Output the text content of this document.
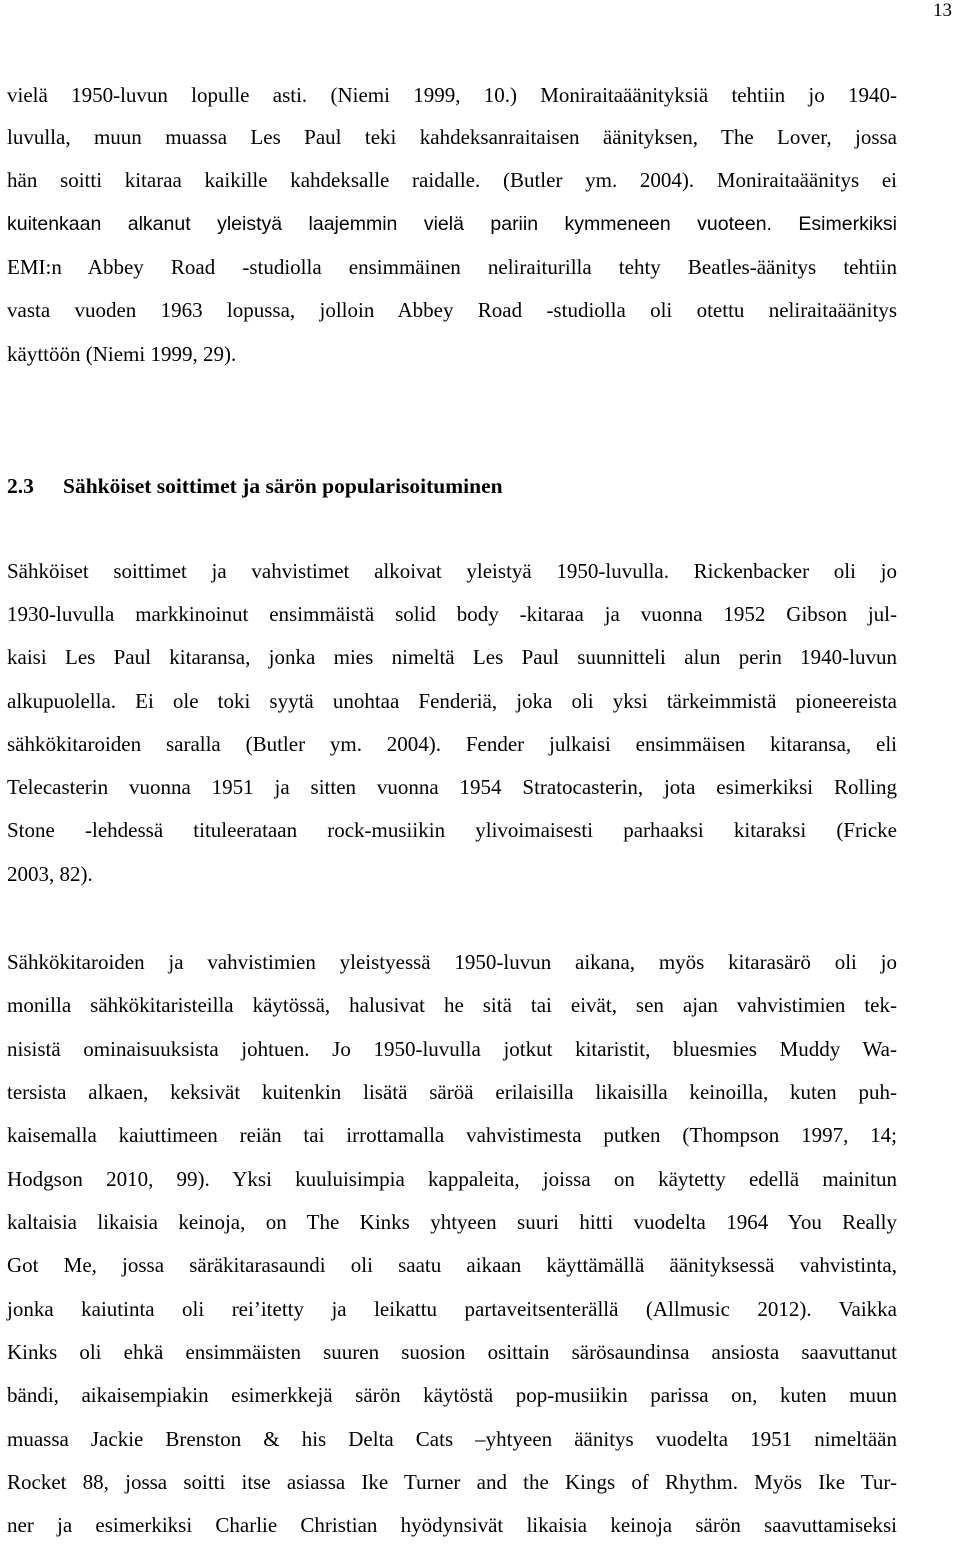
13
vielä 1950-luvun lopulle asti. (Niemi 1999, 10.) Moniraitaäänityksiä tehtiin jo 1940-
luvulla, muun muassa Les Paul teki kahdeksanraitaisen äänityksen, The Lover, jossa
hän soitti kitaraa kaikille kahdeksalle raidalle. (Butler ym. 2004). Moniraitaäänitys ei
kuitenkaan alkanut yleistyä laajemmin vielä pariin kymmeneen vuoteen. Esimerkiksi
EMI:n Abbey Road -studiolla ensimmäinen neliraiturilla tehty Beatles-äänitys tehtiin
vasta vuoden 1963 lopussa, jolloin Abbey Road -studiolla oli otettu neliraitaäänitys
käyttöön (Niemi 1999, 29).
2.3 Sähköiset soittimet ja särön popularisoituminen
Sähköiset soittimet ja vahvistimet alkoivat yleistyä 1950-luvulla. Rickenbacker oli jo
1930-luvulla markkinoinut ensimmäistä solid body -kitaraa ja vuonna 1952 Gibson jul-
kaisi Les Paul kitaransa, jonka mies nimeltä Les Paul suunnitteli alun perin 1940-luvun
alkupuolella. Ei ole toki syytä unohtaa Fenderiä, joka oli yksi tärkeimmistä pioneereista
sähkökitaroiden saralla (Butler ym. 2004). Fender julkaisi ensimmäisen kitaransa, eli
Telecasterin vuonna 1951 ja sitten vuonna 1954 Stratocasterin, jota esimerkiksi Rolling
Stone -lehdessä tituleerataan rock-musiikin ylivoimaisesti parhaaksi kitaraksi (Fricke
2003, 82).
Sähkökitaroiden ja vahvistimien yleistyessä 1950-luvun aikana, myös kitarasärö oli jo
monilla sähkökitaristeilla käytössä, halusivat he sitä tai eivät, sen ajan vahvistimien tek-
nisistä ominaisuuksista johtuen. Jo 1950-luvulla jotkut kitaristit, bluesmies Muddy Wa-
tersista alkaen, keksivät kuitenkin lisätä säröä erilaisilla likaisilla keinoilla, kuten puh-
kaisemalla kaiuttimeen reiän tai irrottamalla vahvistimesta putken (Thompson 1997, 14;
Hodgson 2010, 99). Yksi kuuluisimpia kappaleita, joissa on käytetty edellä mainitun
kaltaisia likaisia keinoja, on The Kinks yhtyeen suuri hitti vuodelta 1964 You Really
Got Me, jossa säräkitarasaundi oli saatu aikaan käyttämällä äänityksessä vahvistinta,
jonka kaiutinta oli rei’itetty ja leikattu partaveitsenterällä (Allmusic 2012). Vaikka
Kinks oli ehkä ensimmäisten suuren suosion osittain särösaundinsa ansiosta saavuttanut
bändi, aikaisempiakin esimerkkejä särön käytöstä pop-musiikin parissa on, kuten muun
muassa Jackie Brenston & his Delta Cats –yhtyeen äänitys vuodelta 1951 nimeltään
Rocket 88, jossa soitti itse asiassa Ike Turner and the Kings of Rhythm. Myös Ike Tur-
ner ja esimerkiksi Charlie Christian hyödynsivät likaisia keinoja särön saavuttamiseksi
